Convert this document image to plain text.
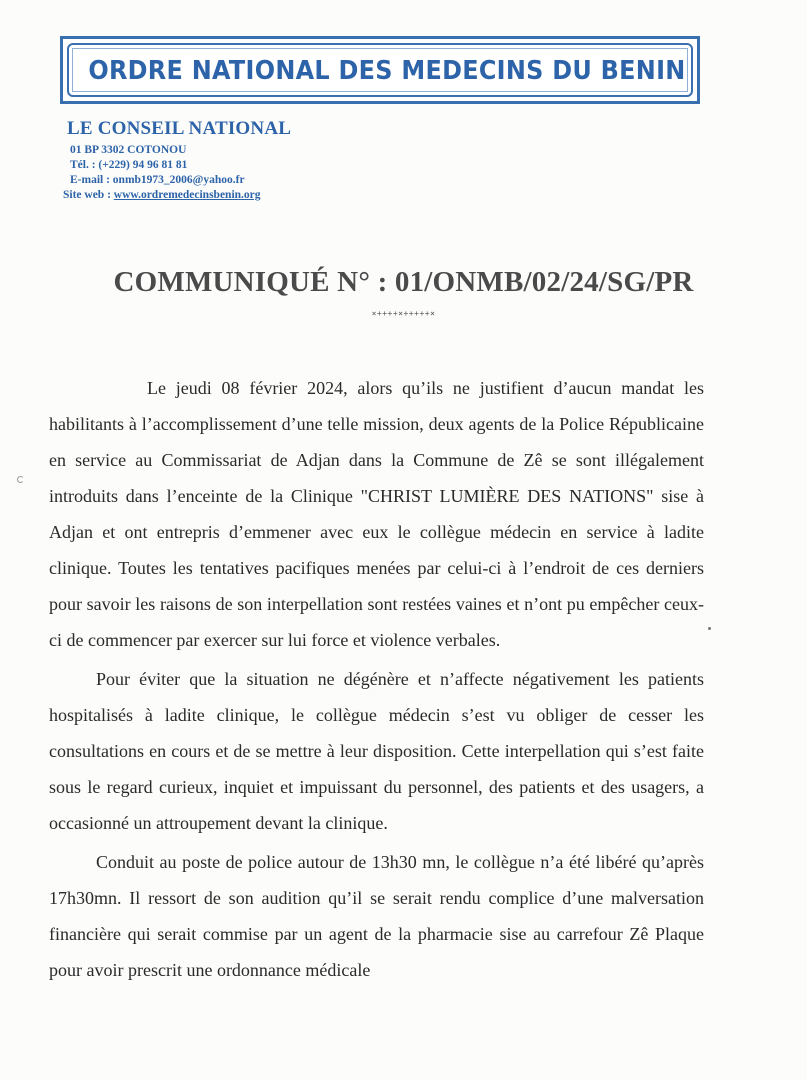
ORDRE NATIONAL DES MEDECINS DU BENIN
LE CONSEIL NATIONAL
01 BP 3302 COTONOU
Tél. : (+229) 94 96 81 81
E-mail : onmb1973_2006@yahoo.fr
Site web : www.ordremedecinsbenin.org
COMMUNIQUÉ N° : 01/ONMB/02/24/SG/PR
×++++×+++++×

Le jeudi 08 février 2024, alors qu’ils ne justifient d’aucun mandat les habilitants à l’accomplissement d’une telle mission, deux agents de la Police Républicaine en service au Commissariat de Adjan dans la Commune de Zê se sont illégalement introduits dans l’enceinte de la Clinique "CHRIST LUMIÈRE DES NATIONS" sise à Adjan et ont entrepris d’emmener avec eux le collègue médecin en service à ladite clinique. Toutes les tentatives pacifiques menées par celui-ci à l’endroit de ces derniers pour savoir les raisons de son interpellation sont restées vaines et n’ont pu empêcher ceux-ci de commencer par exercer sur lui force et violence verbales.

Pour éviter que la situation ne dégénère et n’affecte négativement les patients hospitalisés à ladite clinique, le collègue médecin s’est vu obliger de cesser les consultations en cours et de se mettre à leur disposition. Cette interpellation qui s’est faite sous le regard curieux, inquiet et impuissant du personnel, des patients et des usagers, a occasionné un attroupement devant la clinique.

Conduit au poste de police autour de 13h30 mn, le collègue n’a été libéré qu’après 17h30mn. Il ressort de son audition qu’il se serait rendu complice d’une malversation financière qui serait commise par un agent de la pharmacie sise au carrefour Zê Plaque pour avoir prescrit une ordonnance médicale
